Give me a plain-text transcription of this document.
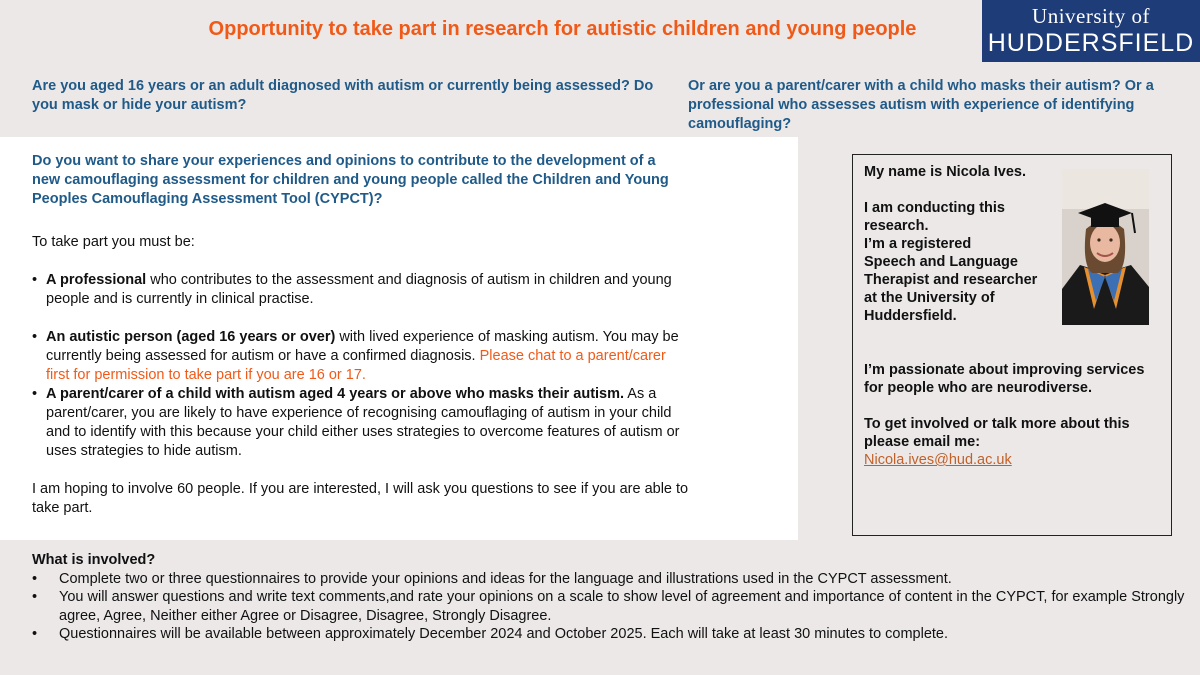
Opportunity to take part in research for autistic children and young people
University of
HUDDERSFIELD
Are you aged 16 years or an adult diagnosed with autism or currently being assessed? Do you mask or hide your autism?
Or are you a parent/carer with a child who masks their autism? Or a professional who assesses autism with experience of identifying camouflaging?
Do you want to share your experiences and opinions to contribute to the development of a new camouflaging assessment for children and young people called the Children and Young Peoples Camouflaging Assessment Tool (CYPCT)?

To take part you must be:

• A professional who contributes to the assessment and diagnosis of autism in children and young people and is currently in clinical practise.
• An autistic person (aged 16 years or over) with lived experience of masking autism. You may be currently being assessed for autism or have a confirmed diagnosis. Please chat to a parent/carer first for permission to take part if you are 16 or 17.
• A parent/carer of a child with autism aged 4 years or above who masks their autism. As a parent/carer, you are likely to have experience of recognising camouflaging of autism in your child and to identify with this because your child either uses strategies to overcome features of autism or uses strategies to hide autism.

I am hoping to involve 60 people. If you are interested, I will ask you questions to see if you are able to take part.

My name is Nicola Ives.

I am conducting this

research.

I’m a registered

Speech and Language

Therapist and researcher

at the University of

Huddersfield.

I’m passionate about improving services for people who are neurodiverse.

To get involved or talk more about this please email me:

Nicola.ives@hud.ac.uk

What is involved?
• Complete two or three questionnaires to provide your opinions and ideas for the language and illustrations used in the CYPCT assessment.
• You will answer questions and write text comments,and rate your opinions on a scale to show level of agreement and importance of content in the CYPCT, for example Strongly agree, Agree, Neither either Agree or Disagree, Disagree, Strongly Disagree.
• Questionnaires will be available between approximately December 2024 and October 2025. Each will take at least 30 minutes to complete.
